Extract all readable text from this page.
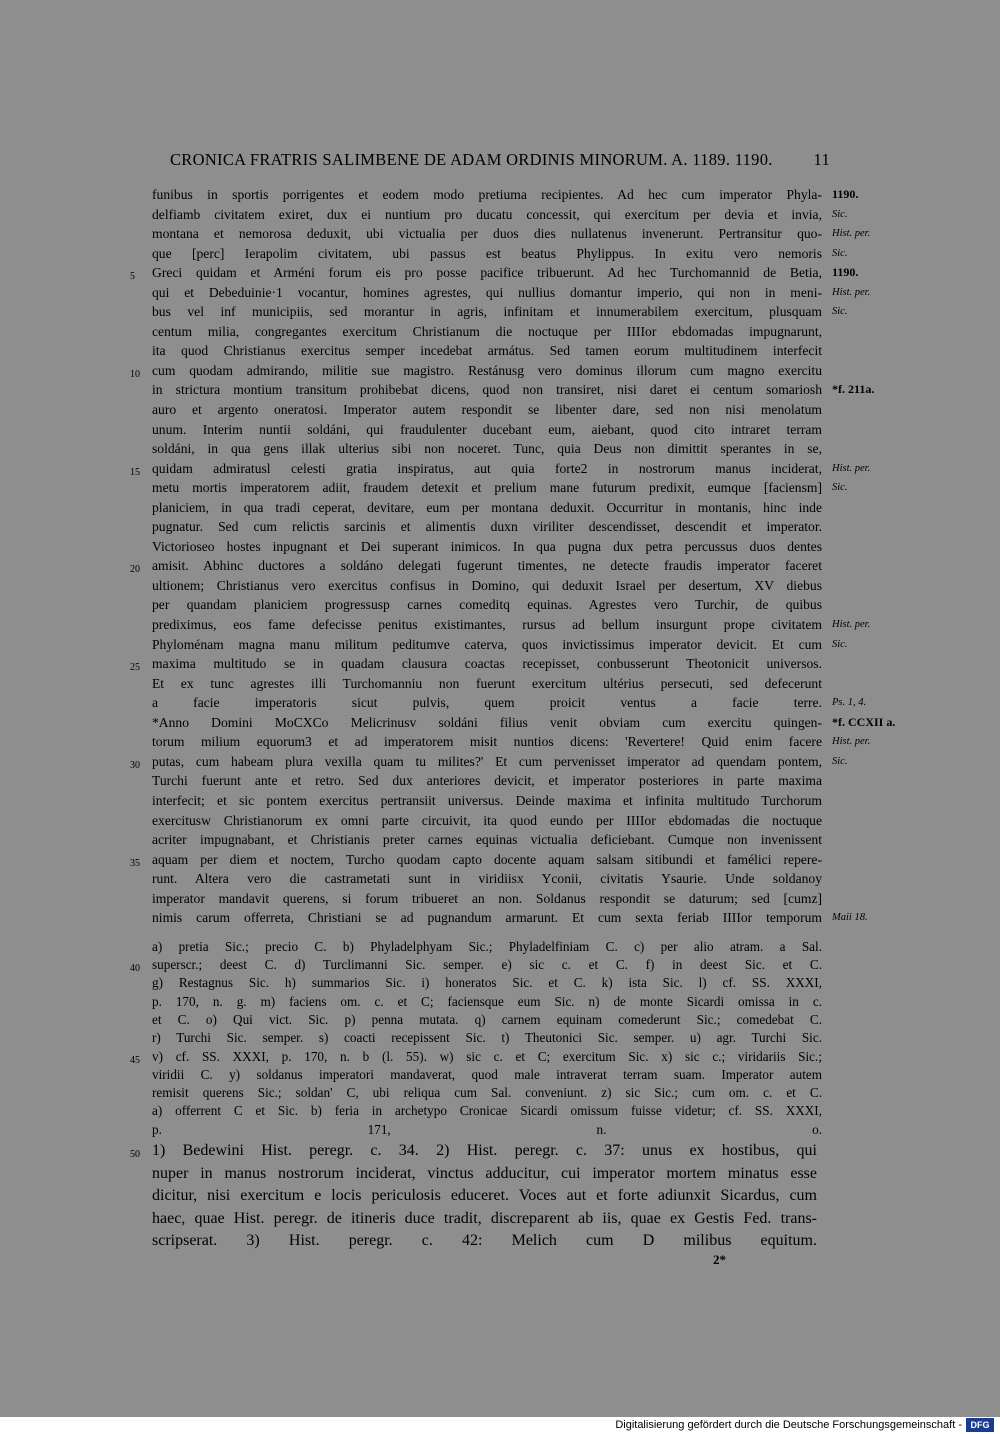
CRONICA FRATRIS SALIMBENE DE ADAM ORDINIS MINORUM. A. 1189. 1190. 11
funibus in sportis porrigentes et eodem modo pretiuma recipientes. Ad hec cum imperator Phyla- 1190.
delfiamb civitatem exiret, dux ei nuntium pro ducatu concessit, qui exercitum per devia et invia, Sic.
montana et nemorosa deduxit, ubi victualia per duos dies nullatenus invenerunt. Pertransitur quo- Hist. per.
que [perc] Ierapolim civitatem, ubi passus est beatus Phylippus. In exitu vero nemoris Sic.
Greci quidam et Arméni forum eis pro posse pacifice tribuerunt. Ad hec Turchomannid de Betia,
5	1190.
qui et Debeduinie·1 vocantur, homines agrestes, qui nullius domantur imperio, qui non in meni- Hist. per.
bus vel inf municipiis, sed morantur in agris, infinitam et innumerabilem exercitum, plusquam Sic.
centum milia, congregantes exercitum Christianum die noctuque per IIIIor ebdomadas impugnarunt,
ita quod Christianus exercitus semper incedebat armátus. Sed tamen eorum multitudinem interfecit
cum quodam admirando, militie sue magistro. Restánusg vero dominus illorum cum magno exercitu
10
in strictura montium transitum prohibebat dicens, quod non transiret, nisi daret ei centum somariosh *f. 211a.
auro et argento oneratosi. Imperator autem respondit se libenter dare, sed non nisi menolatum
unum. Interim nuntii soldáni, qui fraudulenter ducebant eum, aiebant, quod cito intraret terram
soldáni, in qua gens illak ulterius sibi non noceret. Tunc, quia Deus non dimittit sperantes in se,
quidam admiratusl celesti gratia inspiratus, aut quia forte2 in nostrorum manus inciderat,
15	Hist. per.
metu mortis imperatorem adiit, fraudem detexit et prelium mane futurum predixit, eumque [faciensm] Sic.
planiciem, in qua tradi ceperat, devitare, eum per montana deduxit. Occurritur in montanis, hinc inde
pugnatur. Sed cum relictis sarcinis et alimentis duxn viriliter descendisset, descendit et imperator.
Victorioseo hostes inpugnant et Dei superant inimicos. In qua pugna dux petra percussus duos dentes
amisit. Abhinc ductores a soldáno delegati fugerunt timentes, ne detecte fraudis imperator faceret
20
ultionem; Christianus vero exercitus confisus in Domino, qui deduxit Israel per desertum, XV diebus
per quandam planiciem progressusp carnes comeditq equinas. Agrestes vero Turchir, de quibus
prediximus, eos fame defecisse penitus existimantes, rursus ad bellum insurgunt prope civitatem Hist. per.
Phyloménam magna manu militum peditumve caterva, quos invictissimus imperator devicit. Et cum Sic.
maxima multitudo se in quadam clausura coactas recepisset, conbusserunt Theotonicit universos.
25
Et ex tunc agrestes illi Turchomanniu non fuerunt exercitum ultérius persecuti, sed defecerunt
a facie imperatoris sicut pulvis, quem proicit ventus a facie terre. Ps. 1, 4.
*Anno Domini MoCXCo Melicrinusv soldáni filius venit obviam cum exercitu quingen- *f. CCXII a.
torum milium equorum3 et ad imperatorem misit nuntios dicens: 'Revertere! Quid enim facere Hist. per.
putas, cum habeam plura vexilla quam tu milites?' Et cum pervenisset imperator ad quendam pontem,
30	Sic.
Turchi fuerunt ante et retro. Sed dux anteriores devicit, et imperator posteriores in parte maxima
interfecit; et sic pontem exercitus pertransiit universus. Deinde maxima et infinita multitudo Turchorum
exercitusw Christianorum ex omni parte circuivit, ita quod eundo per IIIIor ebdomadas die noctuque
acriter impugnabant, et Christianis preter carnes equinas victualia deficiebant. Cumque non invenissent
aquam per diem et noctem, Turcho quodam capto docente aquam salsam sitibundi et famélici repere-
35
runt. Altera vero die castrametati sunt in viridiisx Yconii, civitatis Ysaurie. Unde soldanoy
imperator mandavit querens, si forum tribueret an non. Soldanus respondit se daturum; sed [cumz]
nimis carum offerreta, Christiani se ad pugnandum armarunt. Et cum sexta feriab IIIIor temporum Maii 18.
a) pretia Sic.; precio C. b) Phyladelphyam Sic.; Phyladelfiniam C. c) per alio atram. a Sal.
superscr.; deest C. d) Turclimanni Sic. semper. e) sic c. et C. f) in deest Sic. et C.
40
g) Restagnus Sic. h) summarios Sic. i) honeratos Sic. et C. k) ista Sic. l) cf. SS. XXXI,
p. 170, n. g. m) faciens om. c. et C; faciensque eum Sic. n) de monte Sicardi omissa in c.
et C. o) Qui vict. Sic. p) penna mutata. q) carnem equinam comederunt Sic.; comedebat C.
r) Turchi Sic. semper. s) coacti recepissent Sic. t) Theutonici Sic. semper. u) agr. Turchi Sic.
v) cf. SS. XXXI, p. 170, n. b (l. 55). w) sic c. et C; exercitum Sic. x) sic c.; viridariis Sic.;
45
viridii C. y) soldanus imperatori mandaverat, quod male intraverat terram suam. Imperator autem
remisit querens Sic.; soldan' C, ubi reliqua cum Sal. conveniunt. z) sic Sic.; cum om. c. et C.
a) offerrent C et Sic. b) feria in archetypo Cronicae Sicardi omissum fuisse videtur; cf. SS. XXXI,
p. 171, n. o.
1) Bedewini Hist. peregr. c. 34. 2) Hist. peregr. c. 37: unus ex hostibus, qui
50
nuper in manus nostrorum inciderat, vinctus adducitur, cui imperator mortem minatus esse
dicitur, nisi exercitum e locis periculosis educeret. Voces aut et forte adiunxit Sicardus, cum
haec, quae Hist. peregr. de itineris duce tradit, discreparent ab iis, quae ex Gestis Fed. trans-
scripserat. 3) Hist. peregr. c. 42: Melich cum D milibus equitum.
2*
Digitalisierung gefördert durch die Deutsche Forschungsgemeinschaft - DFG
